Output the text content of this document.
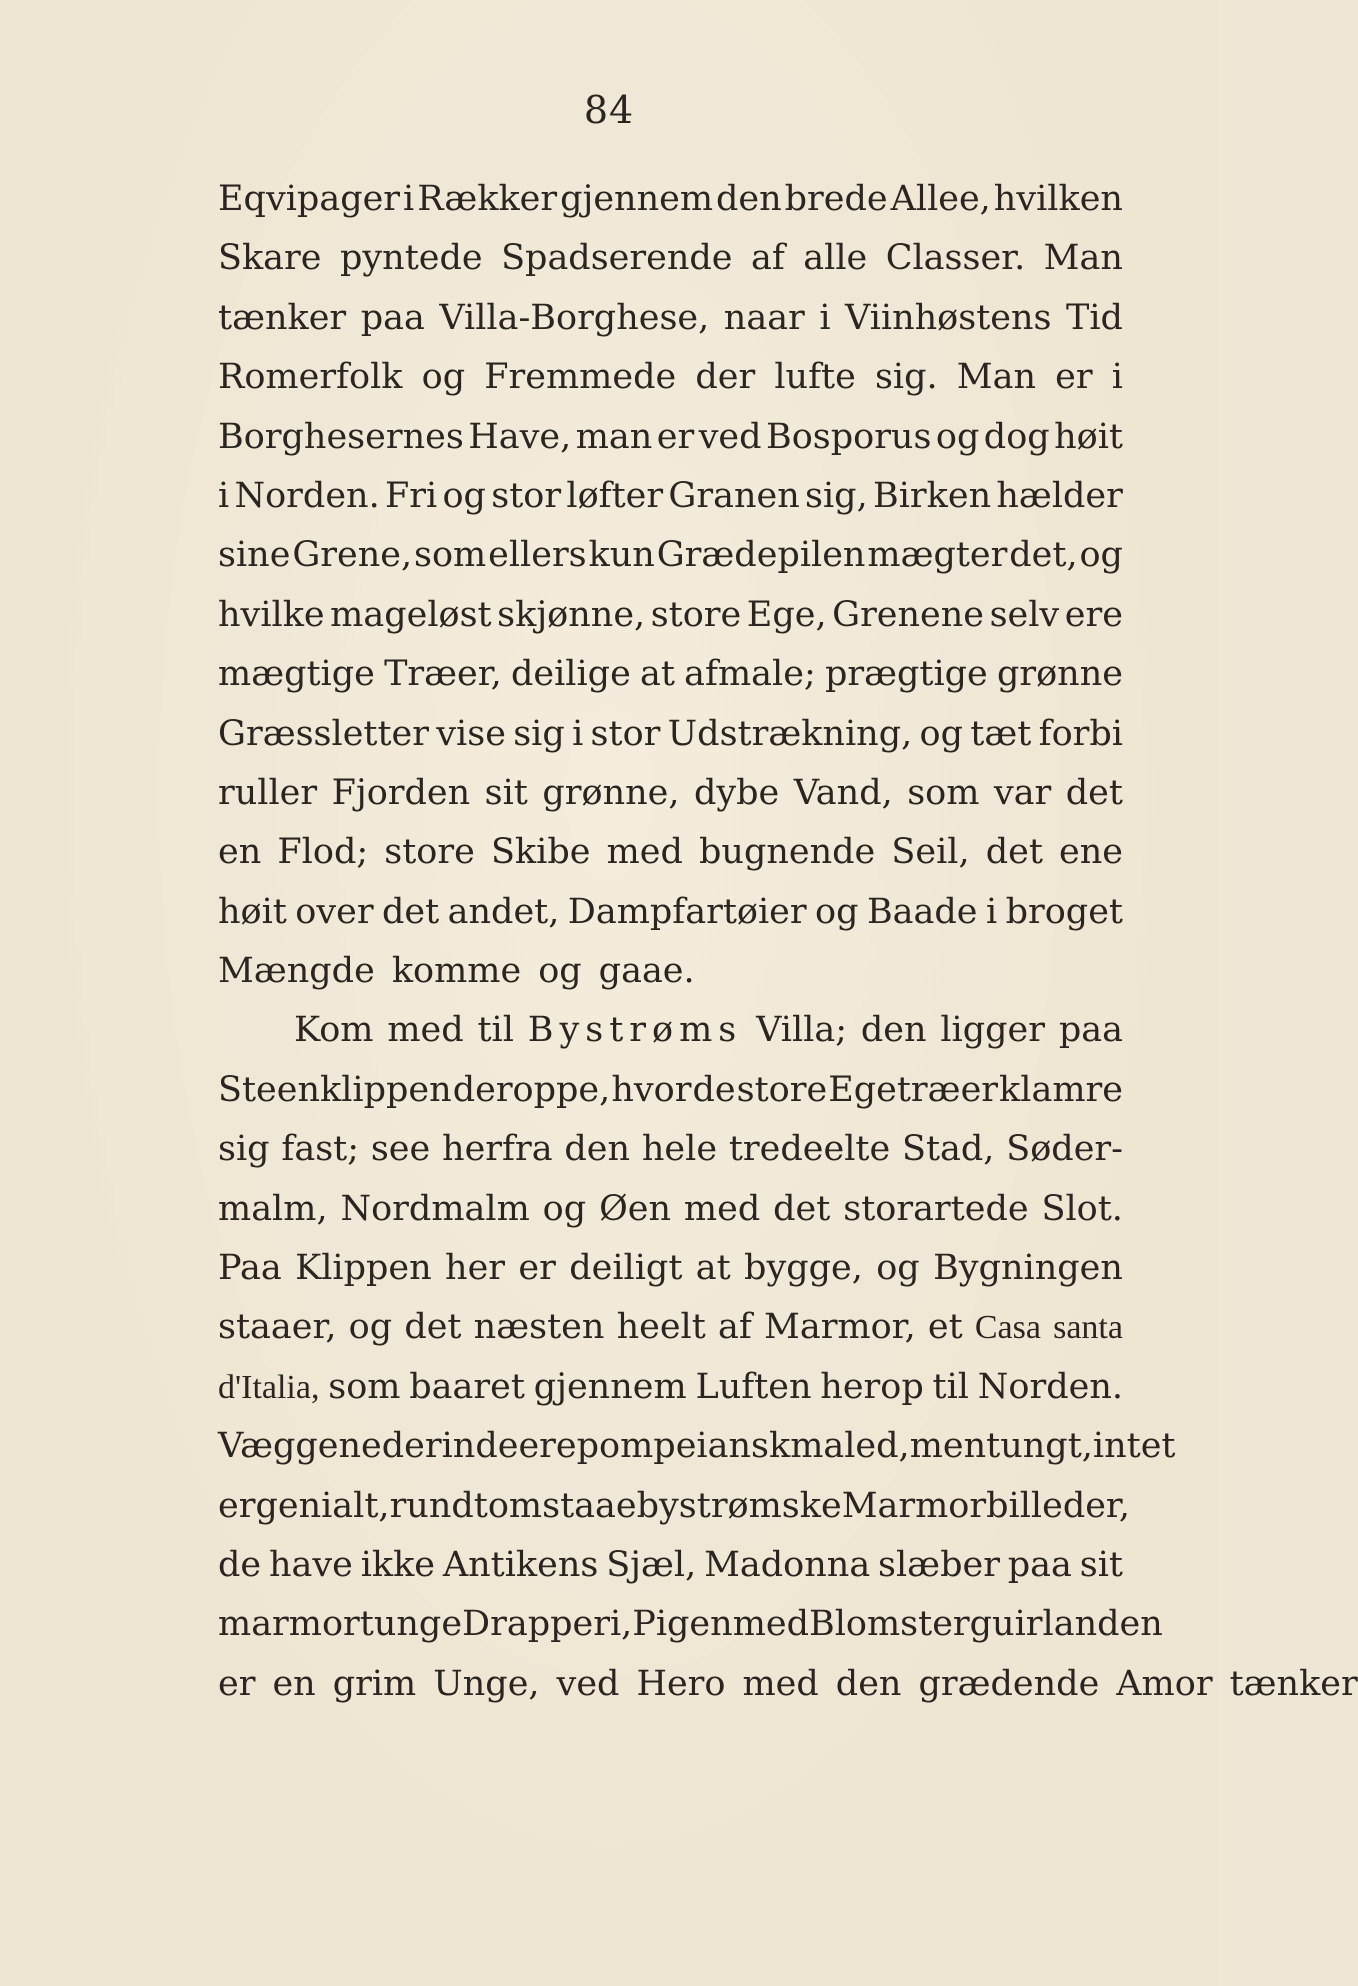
84
Eqvipager i Rækker gjennem den brede Allee, hvilken
Skare pyntede Spadserende af alle Classer. Man
tænker paa Villa-Borghese, naar i Viinhøstens Tid
Romerfolk og Fremmede der lufte sig. Man er i
Borghesernes Have, man er ved Bosporus og dog høit
i Norden. Fri og stor løfter Granen sig, Birken hælder
sine Grene, som ellers kun Grædepilen mægter det, og
hvilke mageløst skjønne, store Ege, Grenene selv ere
mægtige Træer, deilige at afmale; prægtige grønne
Græssletter vise sig i stor Udstrækning, og tæt forbi
ruller Fjorden sit grønne, dybe Vand, som var det
en Flod; store Skibe med bugnende Seil, det ene
høit over det andet, Dampfartøier og Baade i broget
Mængde komme og gaae.
Kom med til Bystrøms Villa; den ligger paa
Steenklippen deroppe, hvor de store Egetræer klamre
sig fast; see herfra den hele tredeelte Stad, Søder-
malm, Nordmalm og Øen med det storartede Slot.
Paa Klippen her er deiligt at bygge, og Bygningen
staaer, og det næsten heelt af Marmor, et Casa santa
d'Italia, som baaret gjennem Luften herop til Norden.
Væggene derinde ere pompeiansk maled, men tungt, intet
er genialt, rundt om staae bystrømske Marmorbilleder,
de have ikke Antikens Sjæl, Madonna slæber paa sit
marmortunge Drapperi, Pigen med Blomsterguirlanden
er en grim Unge, ved Hero med den grædende Amor tænker
